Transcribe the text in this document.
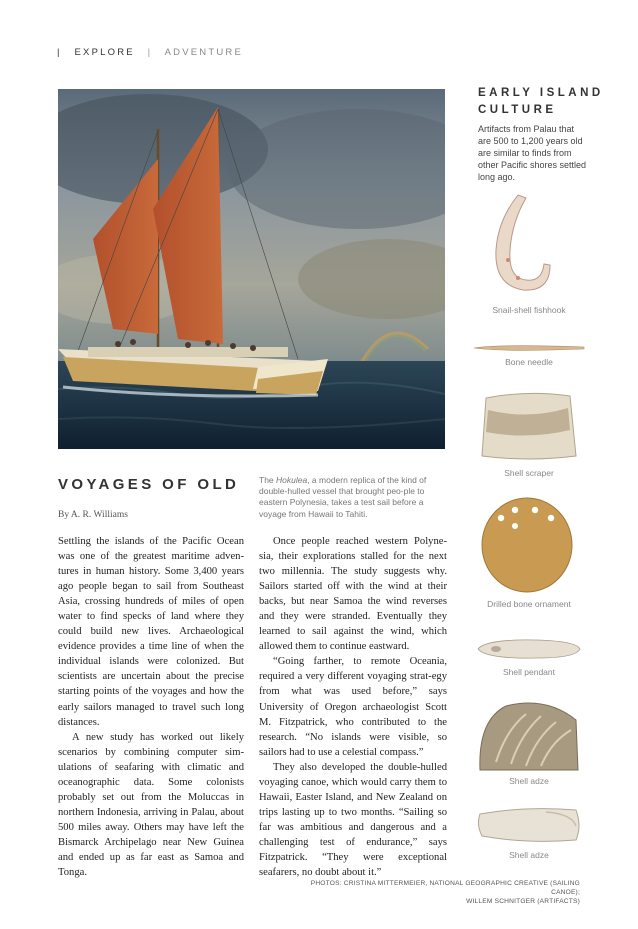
| EXPLORE | ADVENTURE
VOYAGES OF OLD
By A. R. Williams
The Hokulea, a modern replica of the kind of double-hulled vessel that brought peo-ple to eastern Polynesia, takes a test sail before a voyage from Hawaii to Tahiti.

Settling the islands of the Pacific Ocean was one of the greatest maritime adven-tures in human history. Some 3,400 years ago people began to sail from Southeast Asia, crossing hundreds of miles of open water to find specks of land where they could build new lives. Archaeological evidence provides a time line of when the individual islands were colonized. But scientists are uncertain about the precise starting points of the voyages and how the early sailors managed to travel such long distances.

A new study has worked out likely scenarios by combining computer sim-ulations of seafaring with climatic and oceanographic data. Some colonists probably set out from the Moluccas in northern Indonesia, arriving in Palau, about 500 miles away. Others may have left the Bismarck Archipelago near New Guinea and ended up as far east as Samoa and Tonga.

Once people reached western Polyne-sia, their explorations stalled for the next two millennia. The study suggests why. Sailors started off with the wind at their backs, but near Samoa the wind reverses and they were stranded. Eventually they learned to sail against the wind, which allowed them to continue eastward.

“Going farther, to remote Oceania, required a very different voyaging strat-egy from what was used before,” says University of Oregon archaeologist Scott M. Fitzpatrick, who contributed to the research. “No islands were visible, so sailors had to use a celestial compass.”

They also developed the double-hulled voyaging canoe, which would carry them to Hawaii, Easter Island, and New Zealand on trips lasting up to two months. “Sailing so far was ambitious and dangerous and a challenging test of endurance,” says Fitzpatrick. “They were exceptional seafarers, no doubt about it.”

EARLY ISLAND
CULTURE
Artifacts from Palau that are 500 to 1,200 years old are similar to finds from other Pacific shores settled long ago.
Snail-shell fishhook
Bone needle
Shell scraper
Drilled bone ornament
Shell pendant
Shell adze
Shell adze
PHOTOS: CRISTINA MITTERMEIER, NATIONAL GEOGRAPHIC CREATIVE (SAILING CANOE);
WILLEM SCHNITGER (ARTIFACTS)
